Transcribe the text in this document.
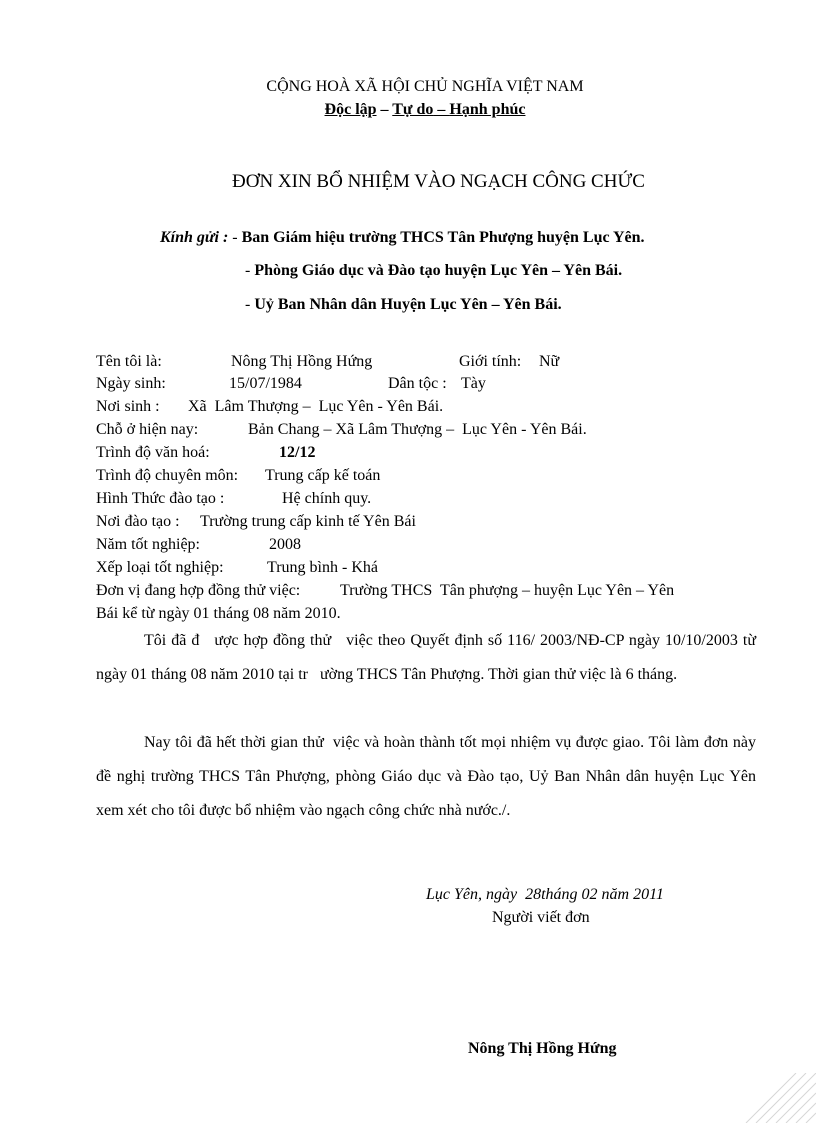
CỘNG HOÀ XÃ HỘI CHỦ NGHĨA VIỆT NAM
Độc lập – Tự do – Hạnh phúc
ĐƠN XIN BỔ NHIỆM VÀO NGẠCH CÔNG CHỨC
Kính gửi : - Ban Giám hiệu trường THCS Tân Phượng huyện Lục Yên.
- Phòng Giáo dục và Đào tạo huyện Lục Yên – Yên Bái.
- Uỷ Ban Nhân dân Huyện Lục Yên – Yên Bái.
Tên tôi là:	Nông Thị Hồng Hứng	Giới tính: Nữ
Ngày sinh:	15/07/1984	Dân tộc : Tày
Nơi sinh : Xã  Lâm Thượng –  Lục Yên - Yên Bái.
Chỗ ở hiện nay:	Bản Chang – Xã Lâm Thượng –  Lục Yên - Yên Bái.
Trình độ văn hoá:	12/12
Trình độ chuyên môn: Trung cấp kế toán
Hình Thức đào tạo :	Hệ chính quy.
Nơi đào tạo : Trường trung cấp kinh tế Yên Bái
Năm tốt nghiệp:	2008
Xếp loại tốt nghiệp:	Trung bình - Khá
Đơn vị đang hợp đồng thử việc: Trường THCS  Tân phượng – huyện Lục Yên – Yên
Bái kể từ ngày 01 tháng 08 năm 2010.
Tôi đã đ   ược hợp đồng thử   việc theo Quyết định số 116/ 2003/NĐ-CP ngày 10/10/2003 từ  ngày 01 tháng 08 năm 2010 tại tr   ường THCS Tân Phượng. Thời gian thử việc là 6 tháng.
Nay tôi đã hết thời gian thử  việc và hoàn thành tốt mọi nhiệm vụ được giao. Tôi làm đơn này đề nghị trường THCS Tân Phượng, phòng Giáo dục và Đào tạo, Uỷ Ban Nhân dân huyện Lục Yên xem xét cho tôi được bổ nhiệm vào ngạch công chức nhà nước./.
Lục Yên, ngày  28tháng 02 năm 2011
Người viết đơn
Nông Thị Hồng Hứng
